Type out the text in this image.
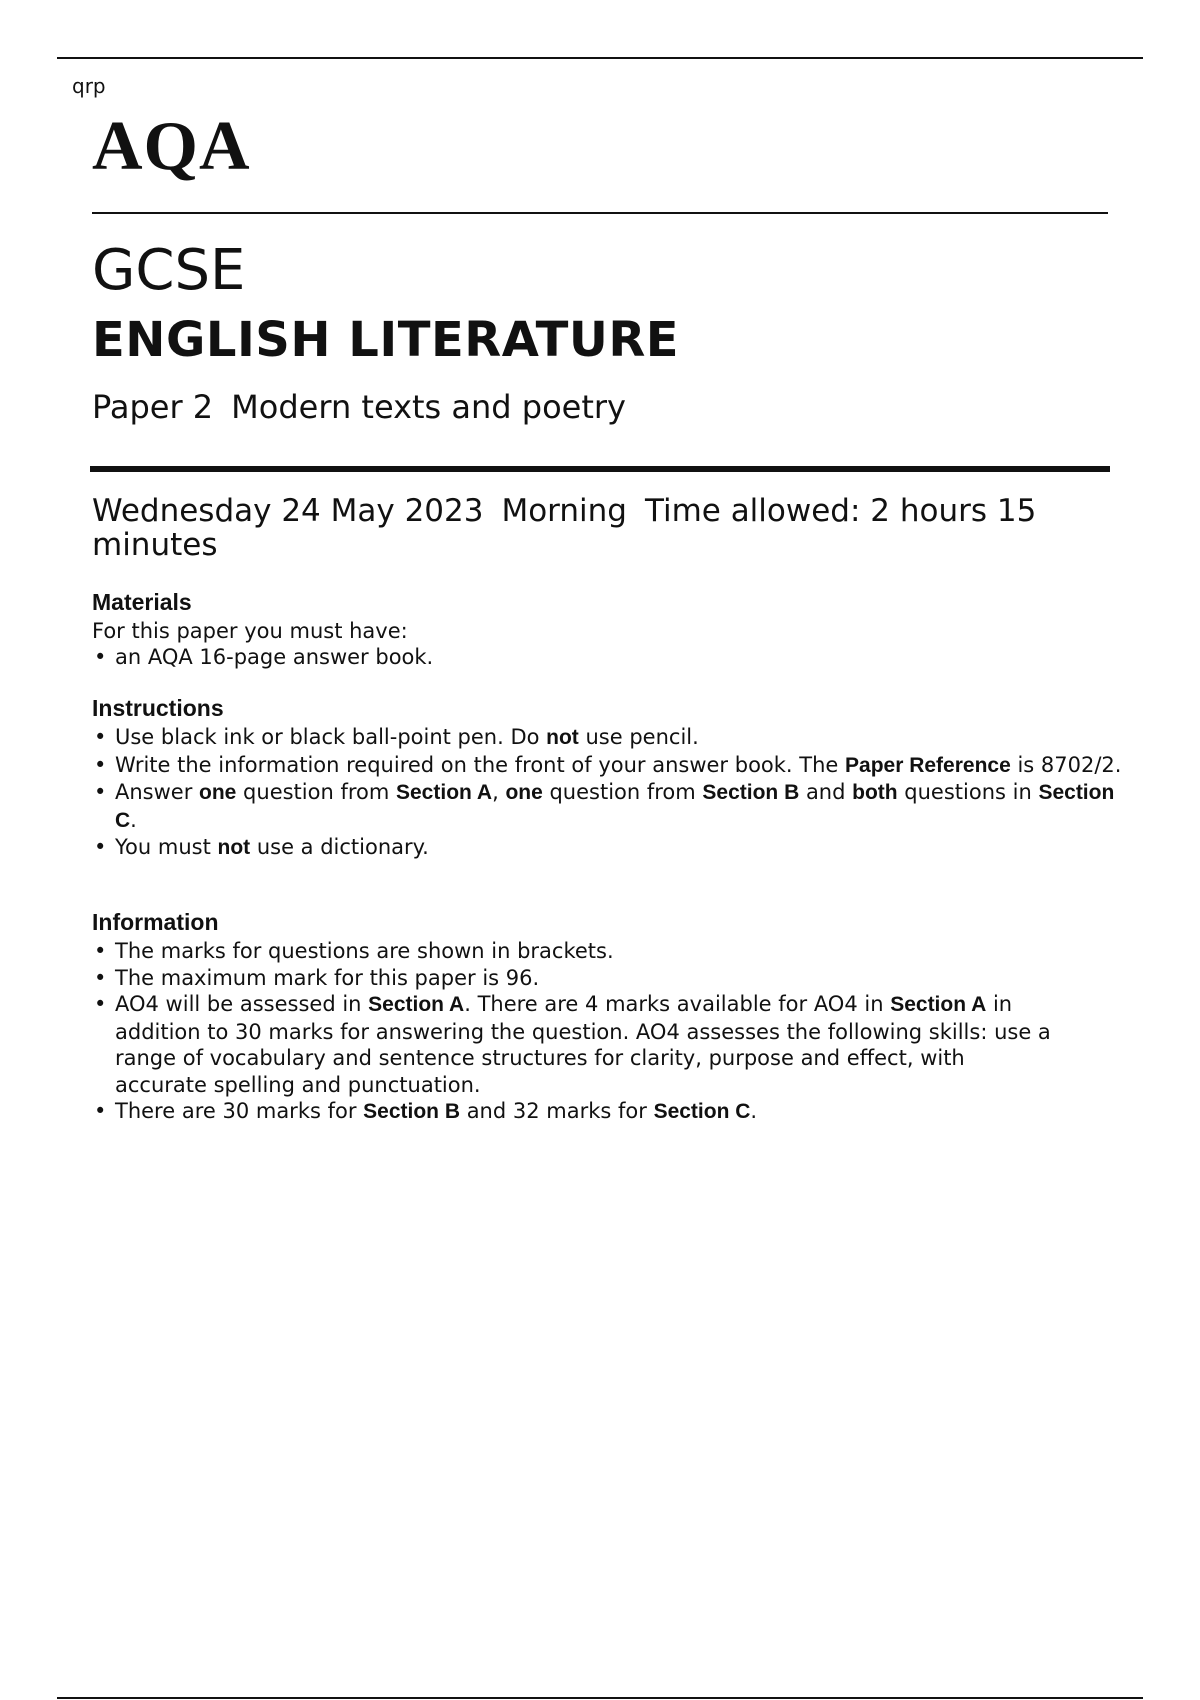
qrp
AQA
GCSE
ENGLISH LITERATURE
Paper 2 Modern texts and poetry
Wednesday 24 May 2023 Morning Time allowed: 2 hours 15 minutes
Materials
For this paper you must have:
• an AQA 16-page answer book.
Instructions
• Use black ink or black ball-point pen. Do not use pencil.
• Write the information required on the front of your answer book. The Paper Reference is 8702/2.
• Answer one question from Section A, one question from Section B and both questions in Section C.
• You must not use a dictionary.
Information
• The marks for questions are shown in brackets.
• The maximum mark for this paper is 96.
• AO4 will be assessed in Section A. There are 4 marks available for AO4 in Section A in addition to 30 marks for answering the question. AO4 assesses the following skills: use a range of vocabulary and sentence structures for clarity, purpose and effect, with accurate spelling and punctuation.
• There are 30 marks for Section B and 32 marks for Section C.
